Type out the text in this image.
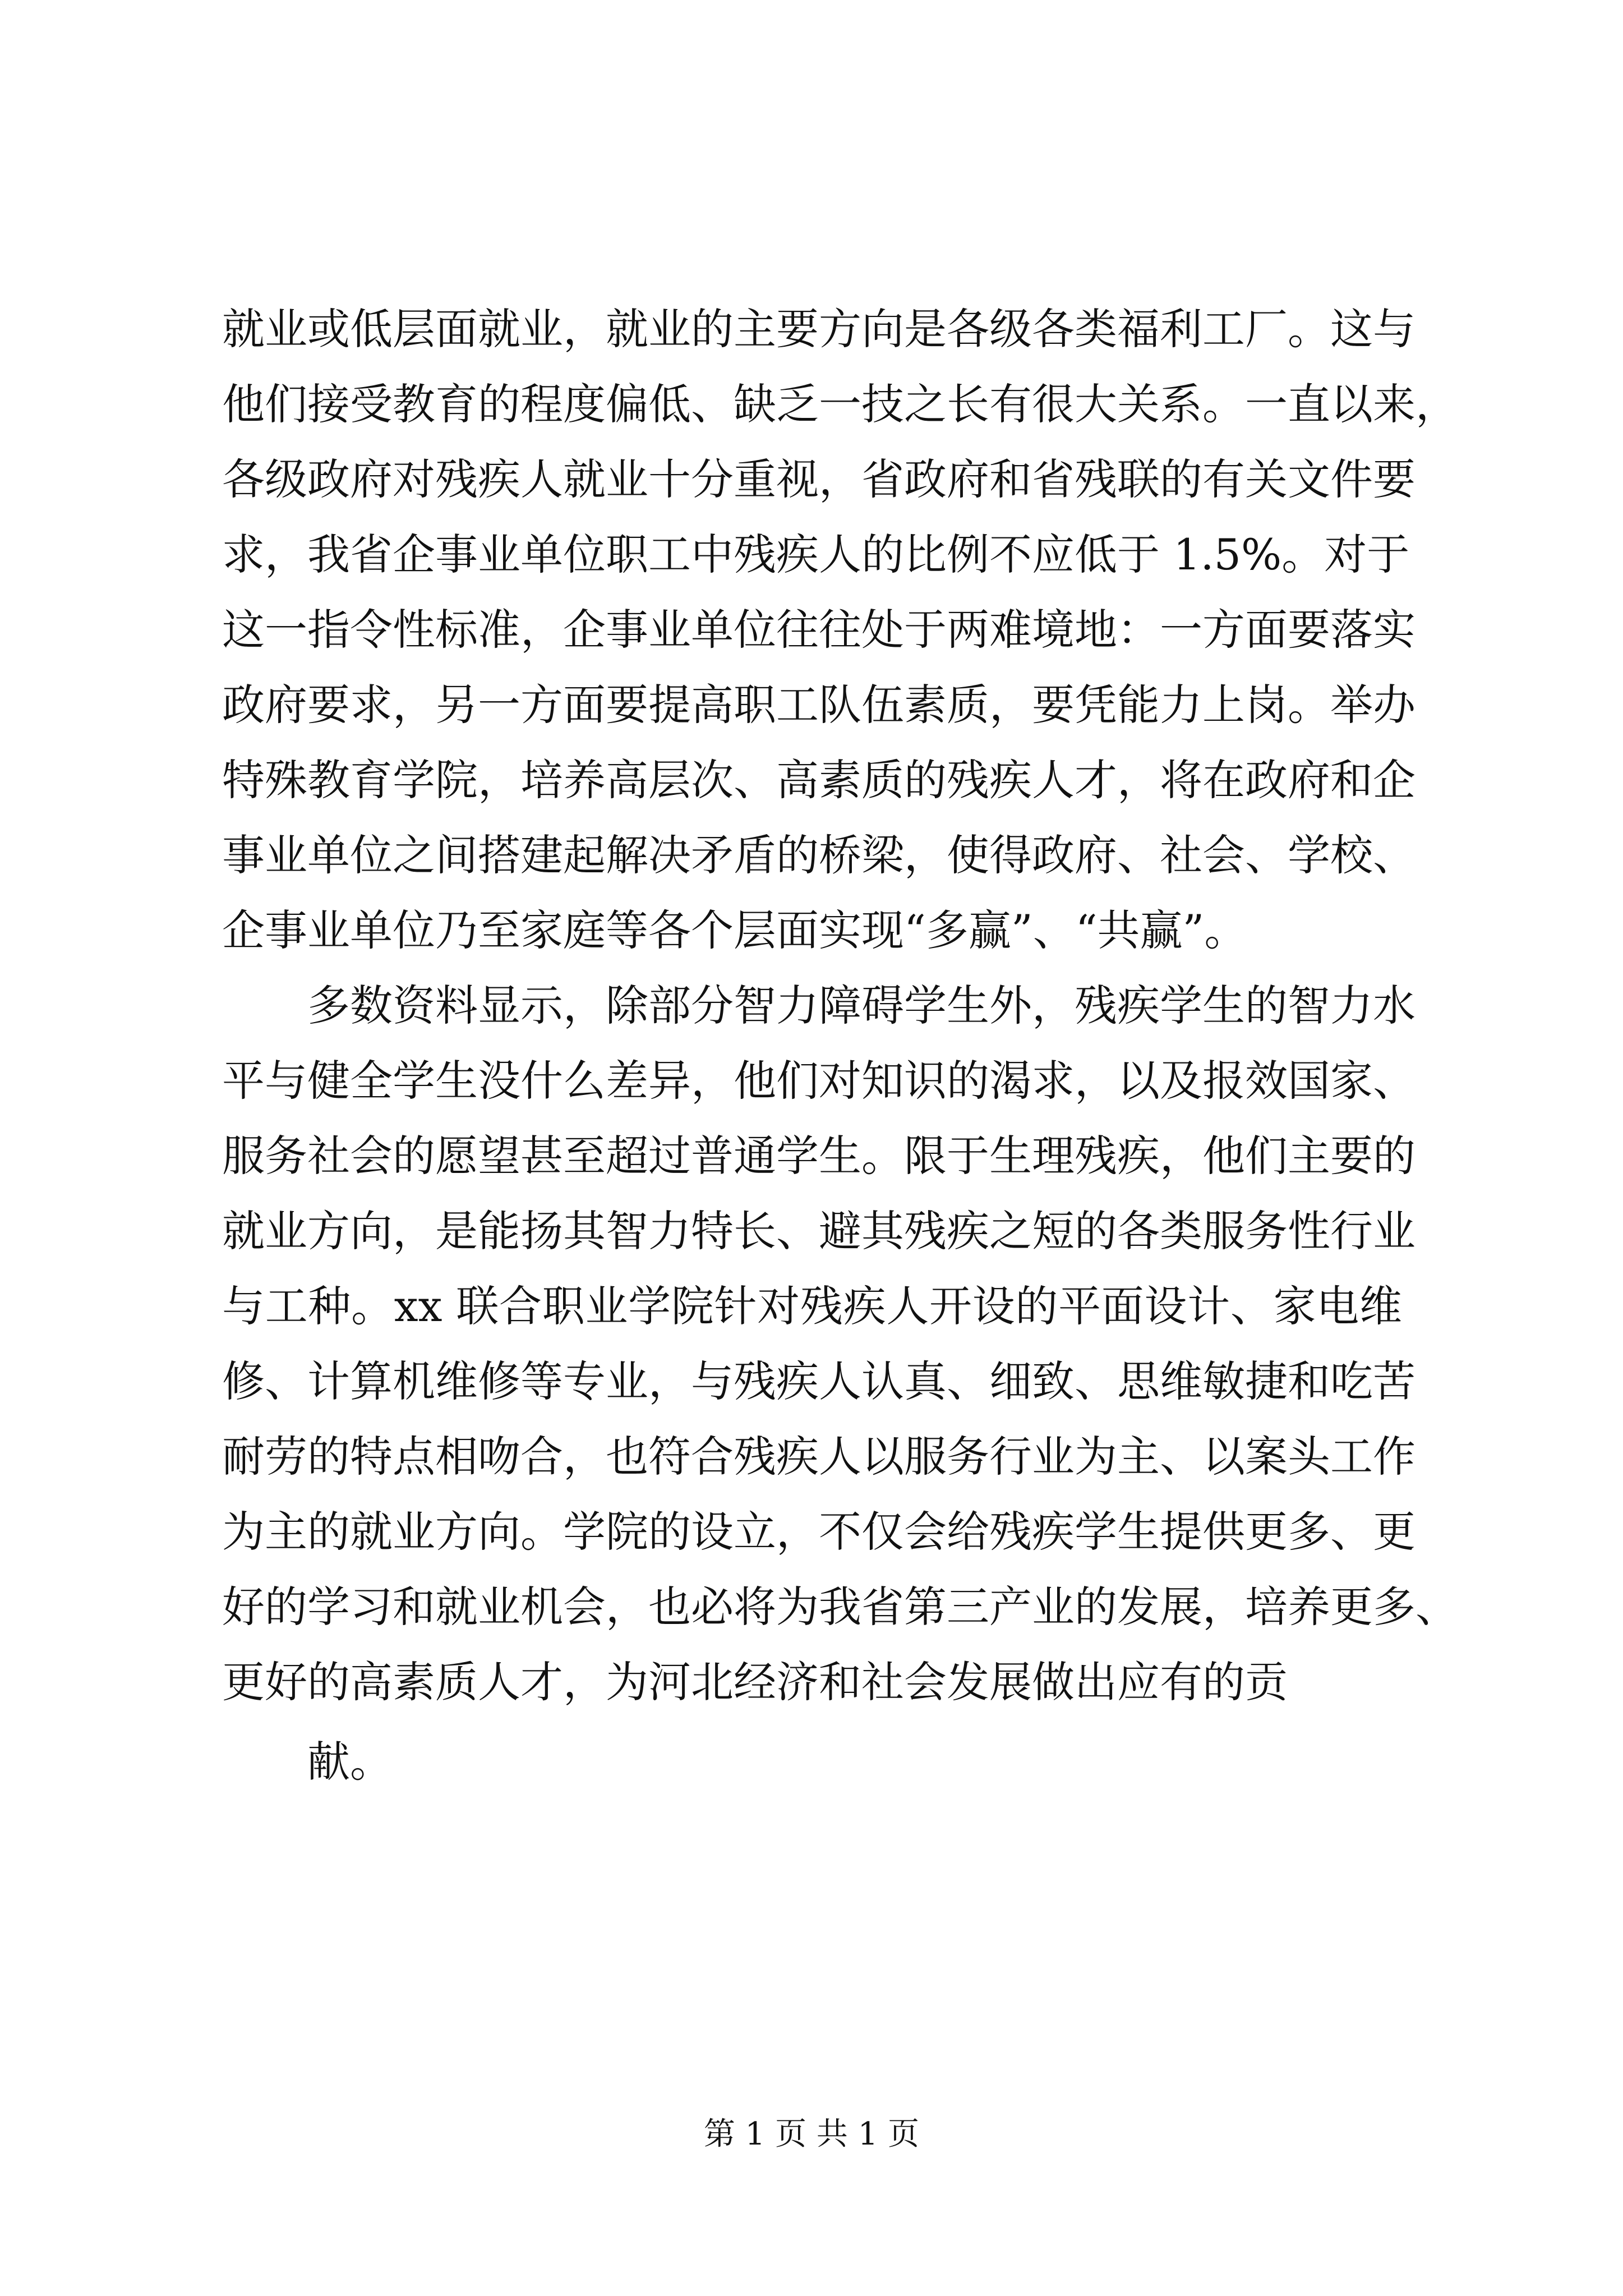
就业或低层面就业，就业的主要方向是各级各类福利工厂。这与
他们接受教育的程度偏低、缺乏一技之长有很大关系。一直以来，
各级政府对残疾人就业十分重视，省政府和省残联的有关文件要
求，我省企事业单位职工中残疾人的比例不应低于 1.5%。对于
这一指令性标准，企事业单位往往处于两难境地：一方面要落实
政府要求，另一方面要提高职工队伍素质，要凭能力上岗。举办
特殊教育学院，培养高层次、高素质的残疾人才，将在政府和企
事业单位之间搭建起解决矛盾的桥梁，使得政府、社会、学校、
企事业单位乃至家庭等各个层面实现“多赢”、“共赢”。
多数资料显示，除部分智力障碍学生外，残疾学生的智力水
平与健全学生没什么差异，他们对知识的渴求，以及报效国家、
服务社会的愿望甚至超过普通学生。限于生理残疾，他们主要的
就业方向，是能扬其智力特长、避其残疾之短的各类服务性行业
与工种。xx 联合职业学院针对残疾人开设的平面设计、家电维
修、计算机维修等专业，与残疾人认真、细致、思维敏捷和吃苦
耐劳的特点相吻合，也符合残疾人以服务行业为主、以案头工作
为主的就业方向。学院的设立，不仅会给残疾学生提供更多、更
好的学习和就业机会，也必将为我省第三产业的发展，培养更多、
更好的高素质人才，为河北经济和社会发展做出应有的贡
献。
第 1 页 共 1 页
